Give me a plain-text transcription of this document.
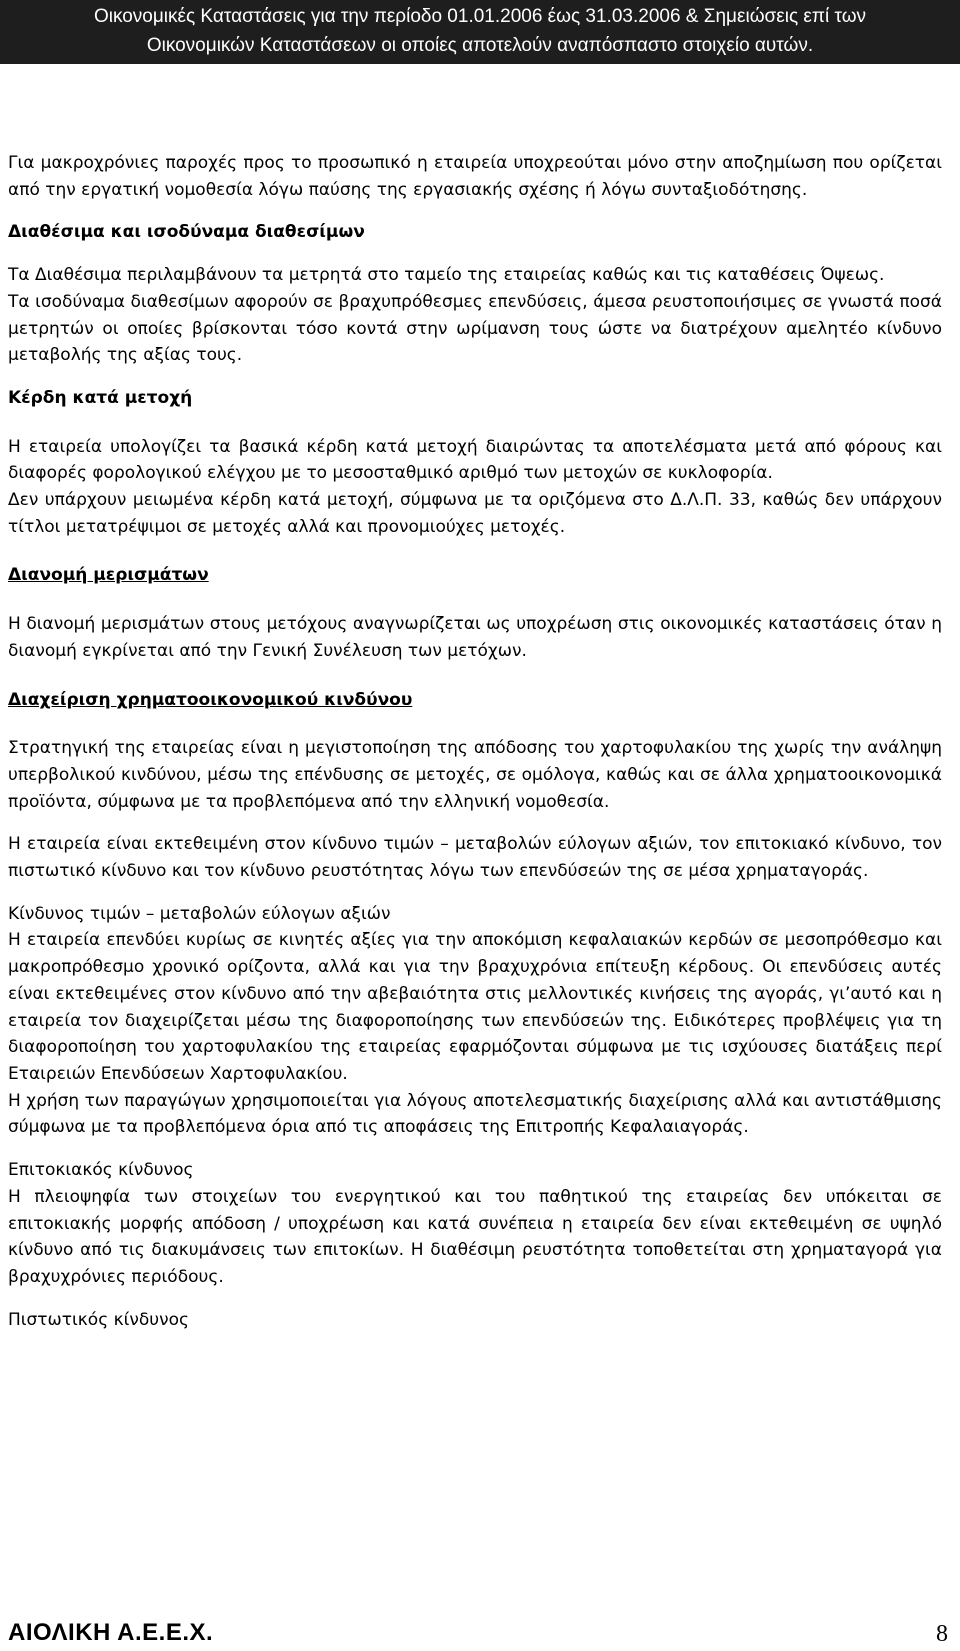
Οικονομικές Καταστάσεις για την περίοδο 01.01.2006 έως 31.03.2006 & Σημειώσεις επί των
Οικονομικών Καταστάσεων οι οποίες αποτελούν αναπόσπαστο στοιχείο αυτών.

Για μακροχρόνιες παροχές προς το προσωπικό η εταιρεία υποχρεούται μόνο στην αποζημίωση που ορίζεται από την εργατική νομοθεσία λόγω παύσης της εργασιακής σχέσης ή λόγω συνταξιοδότησης.

Διαθέσιμα και ισοδύναμα διαθεσίμων

Τα Διαθέσιμα περιλαμβάνουν τα μετρητά στο ταμείο της εταιρείας καθώς και τις καταθέσεις Όψεως.

Τα ισοδύναμα διαθεσίμων αφορούν σε βραχυπρόθεσμες επενδύσεις, άμεσα ρευστοποιήσιμες σε γνωστά ποσά μετρητών οι οποίες βρίσκονται τόσο κοντά στην ωρίμανση τους ώστε να διατρέχουν αμελητέο κίνδυνο μεταβολής της αξίας τους.

Κέρδη κατά μετοχή

Η εταιρεία υπολογίζει τα βασικά κέρδη κατά μετοχή διαιρώντας τα αποτελέσματα μετά από φόρους και διαφορές φορολογικού ελέγχου με το μεσοσταθμικό αριθμό των μετοχών σε κυκλοφορία.

Δεν υπάρχουν μειωμένα κέρδη κατά μετοχή, σύμφωνα με τα οριζόμενα στο Δ.Λ.Π. 33, καθώς δεν υπάρχουν τίτλοι μετατρέψιμοι σε μετοχές αλλά και προνομιούχες μετοχές.

Διανομή μερισμάτων

Η διανομή μερισμάτων στους μετόχους αναγνωρίζεται ως υποχρέωση στις οικονομικές καταστάσεις όταν η διανομή εγκρίνεται από την Γενική Συνέλευση των μετόχων.

Διαχείριση χρηματοοικονομικού κινδύνου

Στρατηγική της εταιρείας είναι η μεγιστοποίηση της απόδοσης του χαρτοφυλακίου της χωρίς την ανάληψη υπερβολικού κινδύνου, μέσω της επένδυσης σε μετοχές, σε ομόλογα, καθώς και σε άλλα χρηματοοικονομικά προϊόντα, σύμφωνα με τα προβλεπόμενα από την ελληνική νομοθεσία.

Η εταιρεία είναι εκτεθειμένη στον κίνδυνο τιμών – μεταβολών εύλογων αξιών, τον επιτοκιακό κίνδυνο, τον πιστωτικό κίνδυνο και τον κίνδυνο ρευστότητας λόγω των επενδύσεών της σε μέσα χρηματαγοράς.

Κίνδυνος τιμών – μεταβολών εύλογων αξιών

Η εταιρεία επενδύει κυρίως σε κινητές αξίες για την αποκόμιση κεφαλαιακών κερδών σε μεσοπρόθεσμο και μακροπρόθεσμο χρονικό ορίζοντα, αλλά και για την βραχυχρόνια επίτευξη κέρδους. Οι επενδύσεις αυτές είναι εκτεθειμένες στον κίνδυνο από την αβεβαιότητα στις μελλοντικές κινήσεις της αγοράς, γι’αυτό και η εταιρεία τον διαχειρίζεται μέσω της διαφοροποίησης των επενδύσεών της. Ειδικότερες προβλέψεις για τη διαφοροποίηση του χαρτοφυλακίου της εταιρείας εφαρμόζονται σύμφωνα με τις ισχύουσες διατάξεις περί Εταιρειών Επενδύσεων Χαρτοφυλακίου.

Η χρήση των παραγώγων χρησιμοποιείται για λόγους αποτελεσματικής διαχείρισης αλλά και αντιστάθμισης σύμφωνα με τα προβλεπόμενα όρια από τις αποφάσεις της Επιτροπής Κεφαλαιαγοράς.

Επιτοκιακός κίνδυνος

Η πλειοψηφία των στοιχείων του ενεργητικού και του παθητικού της εταιρείας δεν υπόκειται σε επιτοκιακής μορφής απόδοση / υποχρέωση και κατά συνέπεια η εταιρεία δεν είναι εκτεθειμένη σε υψηλό κίνδυνο από τις διακυμάνσεις των επιτοκίων. Η διαθέσιμη ρευστότητα τοποθετείται στη χρηματαγορά για βραχυχρόνιες περιόδους.

Πιστωτικός κίνδυνος

ΑΙΟΛΙΚΗ Α.Ε.Ε.Χ.	8
